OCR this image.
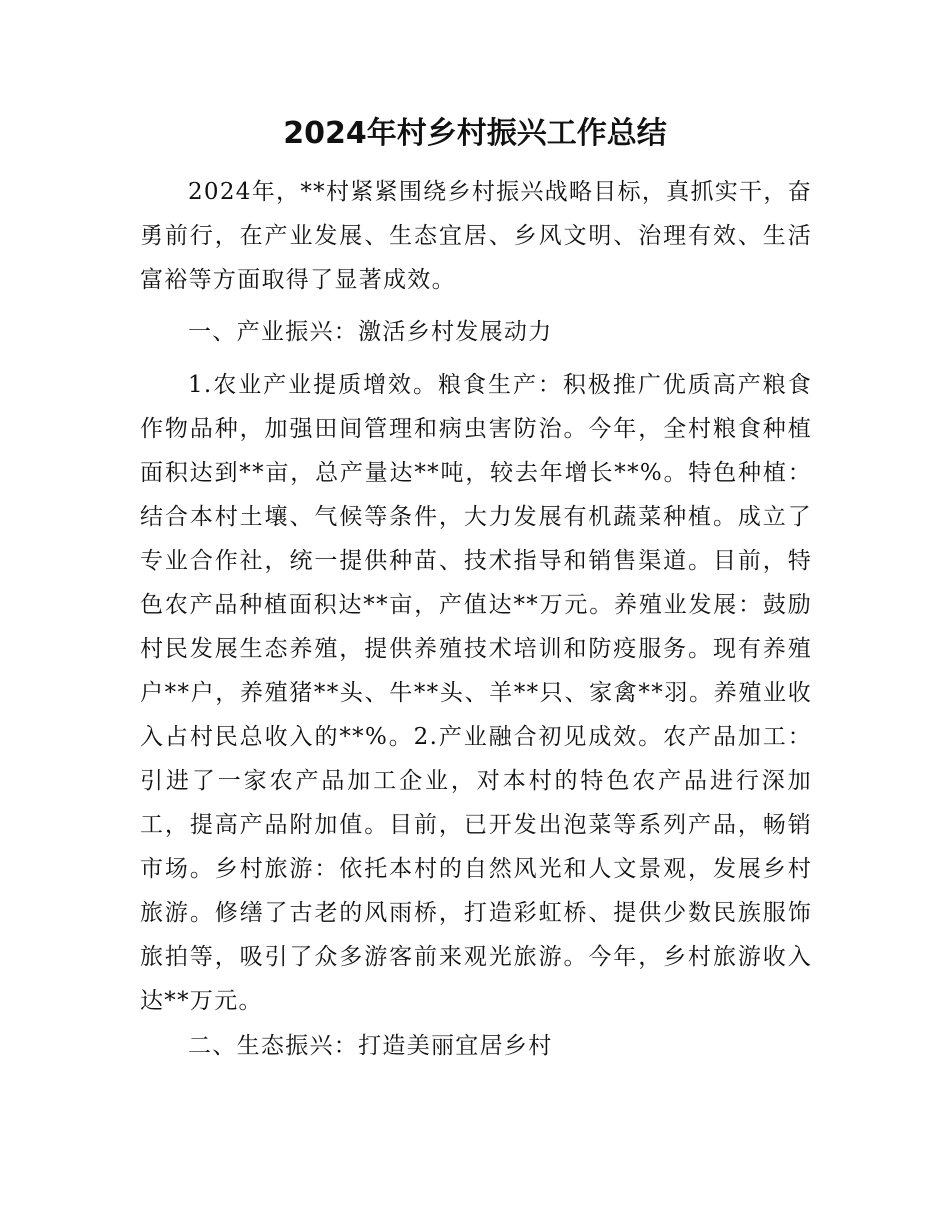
2024年村乡村振兴工作总结

2024年，**村紧紧围绕乡村振兴战略目标，真抓实干，奋勇前行，在产业发展、生态宜居、乡风文明、治理有效、生活富裕等方面取得了显著成效。

一、产业振兴：激活乡村发展动力

1.农业产业提质增效。粮食生产：积极推广优质高产粮食作物品种，加强田间管理和病虫害防治。今年，全村粮食种植面积达到**亩，总产量达**吨，较去年增长**%。特色种植：结合本村土壤、气候等条件，大力发展有机蔬菜种植。成立了专业合作社，统一提供种苗、技术指导和销售渠道。目前，特色农产品种植面积达**亩，产值达**万元。养殖业发展：鼓励村民发展生态养殖，提供养殖技术培训和防疫服务。现有养殖户**户，养殖猪**头、牛**头、羊**只、家禽**羽。养殖业收入占村民总收入的**%。2.产业融合初见成效。农产品加工：引进了一家农产品加工企业，对本村的特色农产品进行深加工，提高产品附加值。目前，已开发出泡菜等系列产品，畅销市场。乡村旅游：依托本村的自然风光和人文景观，发展乡村旅游。修缮了古老的风雨桥，打造彩虹桥、提供少数民族服饰旅拍等，吸引了众多游客前来观光旅游。今年，乡村旅游收入达**万元。

二、生态振兴：打造美丽宜居乡村
